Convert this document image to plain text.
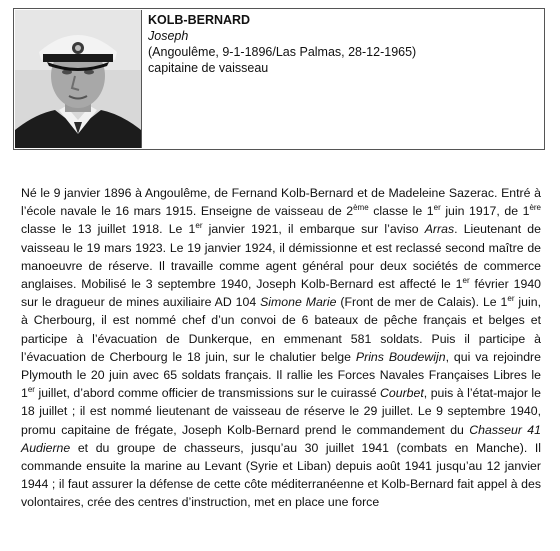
KOLB-BERNARD
Joseph
(Angoulême, 9-1-1896/Las Palmas, 28-12-1965)
capitaine de vaisseau
Né le 9 janvier 1896 à Angoulême, de Fernand Kolb-Bernard et de Madeleine Sazerac. Entré à l’école navale le 16 mars 1915. Enseigne de vaisseau de 2ème classe le 1er juin 1917, de 1ère classe le 13 juillet 1918. Le 1er janvier 1921, il embarque sur l’aviso Arras. Lieutenant de vaisseau le 19 mars 1923. Le 19 janvier 1924, il démissionne et est reclassé second maître de manoeuvre de réserve. Il travaille comme agent général pour deux sociétés de commerce anglaises. Mobilisé le 3 septembre 1940, Joseph Kolb-Bernard est affecté le 1er février 1940 sur le dragueur de mines auxiliaire AD 104 Simone Marie (Front de mer de Calais). Le 1er juin, à Cherbourg, il est nommé chef d’un convoi de 6 bateaux de pêche français et belges et participe à l’évacuation de Dunkerque, en emmenant 581 soldats. Puis il participe à l’évacuation de Cherbourg le 18 juin, sur le chalutier belge Prins Boudewijn, qui va rejoindre Plymouth le 20 juin avec 65 soldats français. Il rallie les Forces Navales Françaises Libres le 1er juillet, d’abord comme officier de transmissions sur le cuirassé Courbet, puis à l’état-major le 18 juillet ; il est nommé lieutenant de vaisseau de réserve le 29 juillet. Le 9 septembre 1940, promu capitaine de frégate, Joseph Kolb-Bernard prend le commandement du Chasseur 41 Audierne et du groupe de chasseurs, jusqu’au 30 juillet 1941 (combats en Manche). Il commande ensuite la marine au Levant (Syrie et Liban) depuis août 1941 jusqu’au 12 janvier 1944 ; il faut assurer la défense de cette côte méditerranéenne et Kolb-Bernard fait appel à des volontaires, crée des centres d’instruction, met en place une force
